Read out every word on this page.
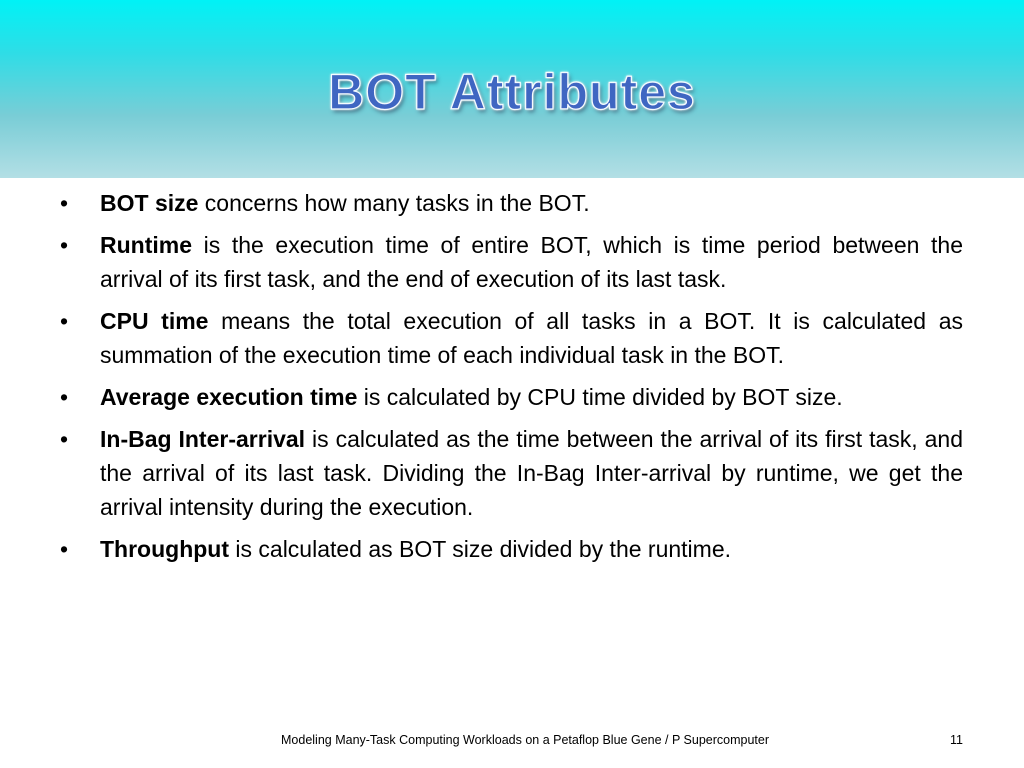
BOT Attributes
• BOT size concerns how many tasks in the BOT.
• Runtime is the execution time of entire BOT, which is time period between the arrival of its first task, and the end of execution of its last task.
• CPU time means the total execution of all tasks in a BOT. It is calculated as summation of the execution time of each individual task in the BOT.
• Average execution time is calculated by CPU time divided by BOT size.
• In-Bag Inter-arrival is calculated as the time between the arrival of its first task, and the arrival of its last task. Dividing the In-Bag Inter-arrival by runtime, we get the arrival intensity during the execution.
• Throughput is calculated as BOT size divided by the runtime.
Modeling Many-Task Computing Workloads on a Petaflop Blue Gene / P Supercomputer	11
